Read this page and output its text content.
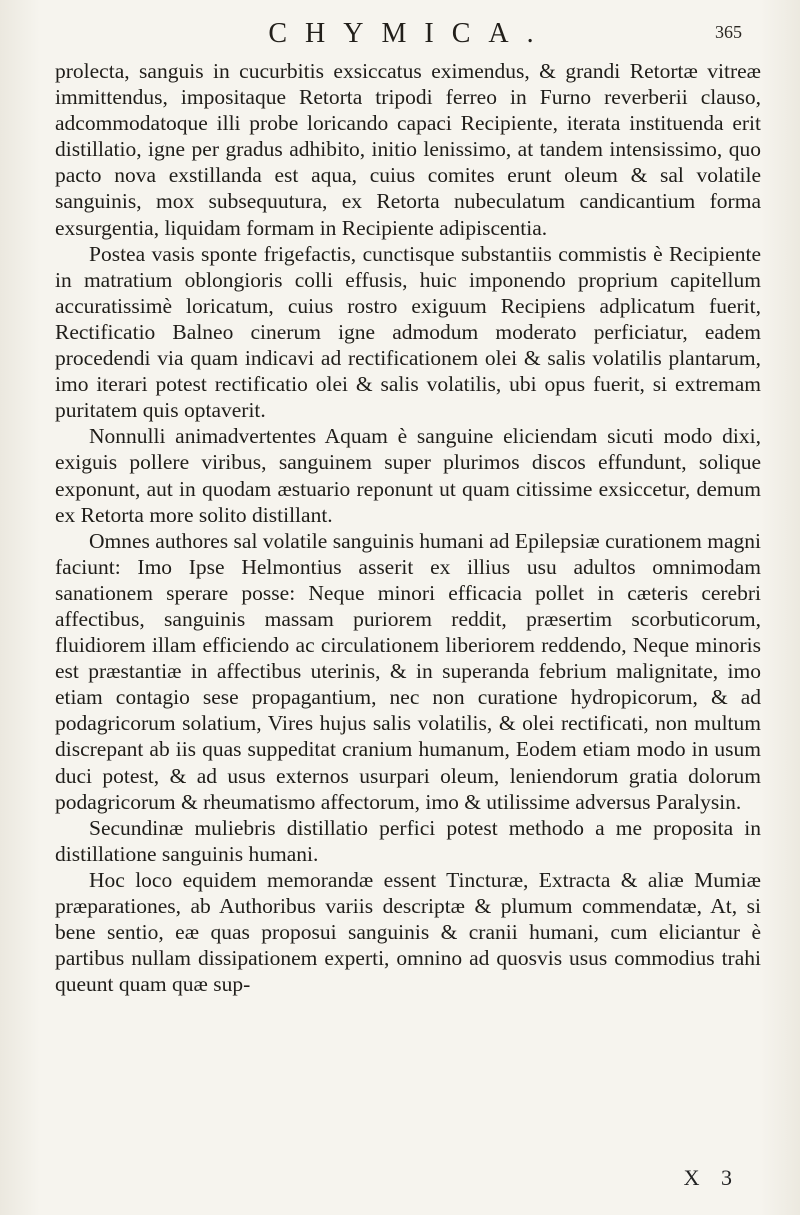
CHYMICA.	365

prolecta, sanguis in cucurbitis exsiccatus eximendus, & grandi Retortæ vitreæ immittendus, impositaque Retorta tripodi ferreo in Furno reverberii clauso, adcommodatoque illi probe loricando capaci Recipiente, iterata instituenda erit distillatio, igne per gradus adhibito, initio lenissimo, at tandem intensissimo, quo pacto nova exstillanda est aqua, cuius comites erunt oleum & sal volatile sanguinis, mox subsequutura, ex Retorta nubeculatum candicantium forma exsurgentia, liquidam formam in Recipiente adipiscentia.

Postea vasis sponte frigefactis, cunctisque substantiis commistis è Recipiente in matratium oblongioris colli effusis, huic imponendo proprium capitellum accuratissimè loricatum, cuius rostro exiguum Recipiens adplicatum fuerit, Rectificatio Balneo cinerum igne admodum moderato perficiatur, eadem procedendi via quam indicavi ad rectificationem olei & salis volatilis plantarum, imo iterari potest rectificatio olei & salis volatilis, ubi opus fuerit, si extremam puritatem quis optaverit.

Nonnulli animadvertentes Aquam è sanguine eliciendam sicuti modo dixi, exiguis pollere viribus, sanguinem super plurimos discos effundunt, solique exponunt, aut in quodam æstuario reponunt ut quam citissime exsiccetur, demum ex Retorta more solito distillant.

Omnes authores sal volatile sanguinis humani ad Epilepsiæ curationem magni faciunt: Imo Ipse Helmontius asserit ex illius usu adultos omnimodam sanationem sperare posse: Neque minori efficacia pollet in cæteris cerebri affectibus, sanguinis massam puriorem reddit, præsertim scorbuticorum, fluidiorem illam efficiendo ac circulationem liberiorem reddendo, Neque minoris est præstantiæ in affectibus uterinis, & in superanda febrium malignitate, imo etiam contagio sese propagantium, nec non curatione hydropicorum, & ad podagricorum solatium, Vires hujus salis volatilis, & olei rectificati, non multum discrepant ab iis quas suppeditat cranium humanum, Eodem etiam modo in usum duci potest, & ad usus externos usurpari oleum, leniendorum gratia dolorum podagricorum & rheumatismo affectorum, imo & utilissime adversus Paralysin.

Secundinæ muliebris distillatio perfici potest methodo a me proposita in distillatione sanguinis humani.

Hoc loco equidem memorandæ essent Tincturæ, Extracta & aliæ Mumiæ præparationes, ab Authoribus variis descriptæ & plumum commendatæ, At, si bene sentio, eæ quas proposui sanguinis & cranii humani, cum eliciantur è partibus nullam dissipationem experti, omnino ad quosvis usus commodius trahi queunt quam quæ sup-

X 3
